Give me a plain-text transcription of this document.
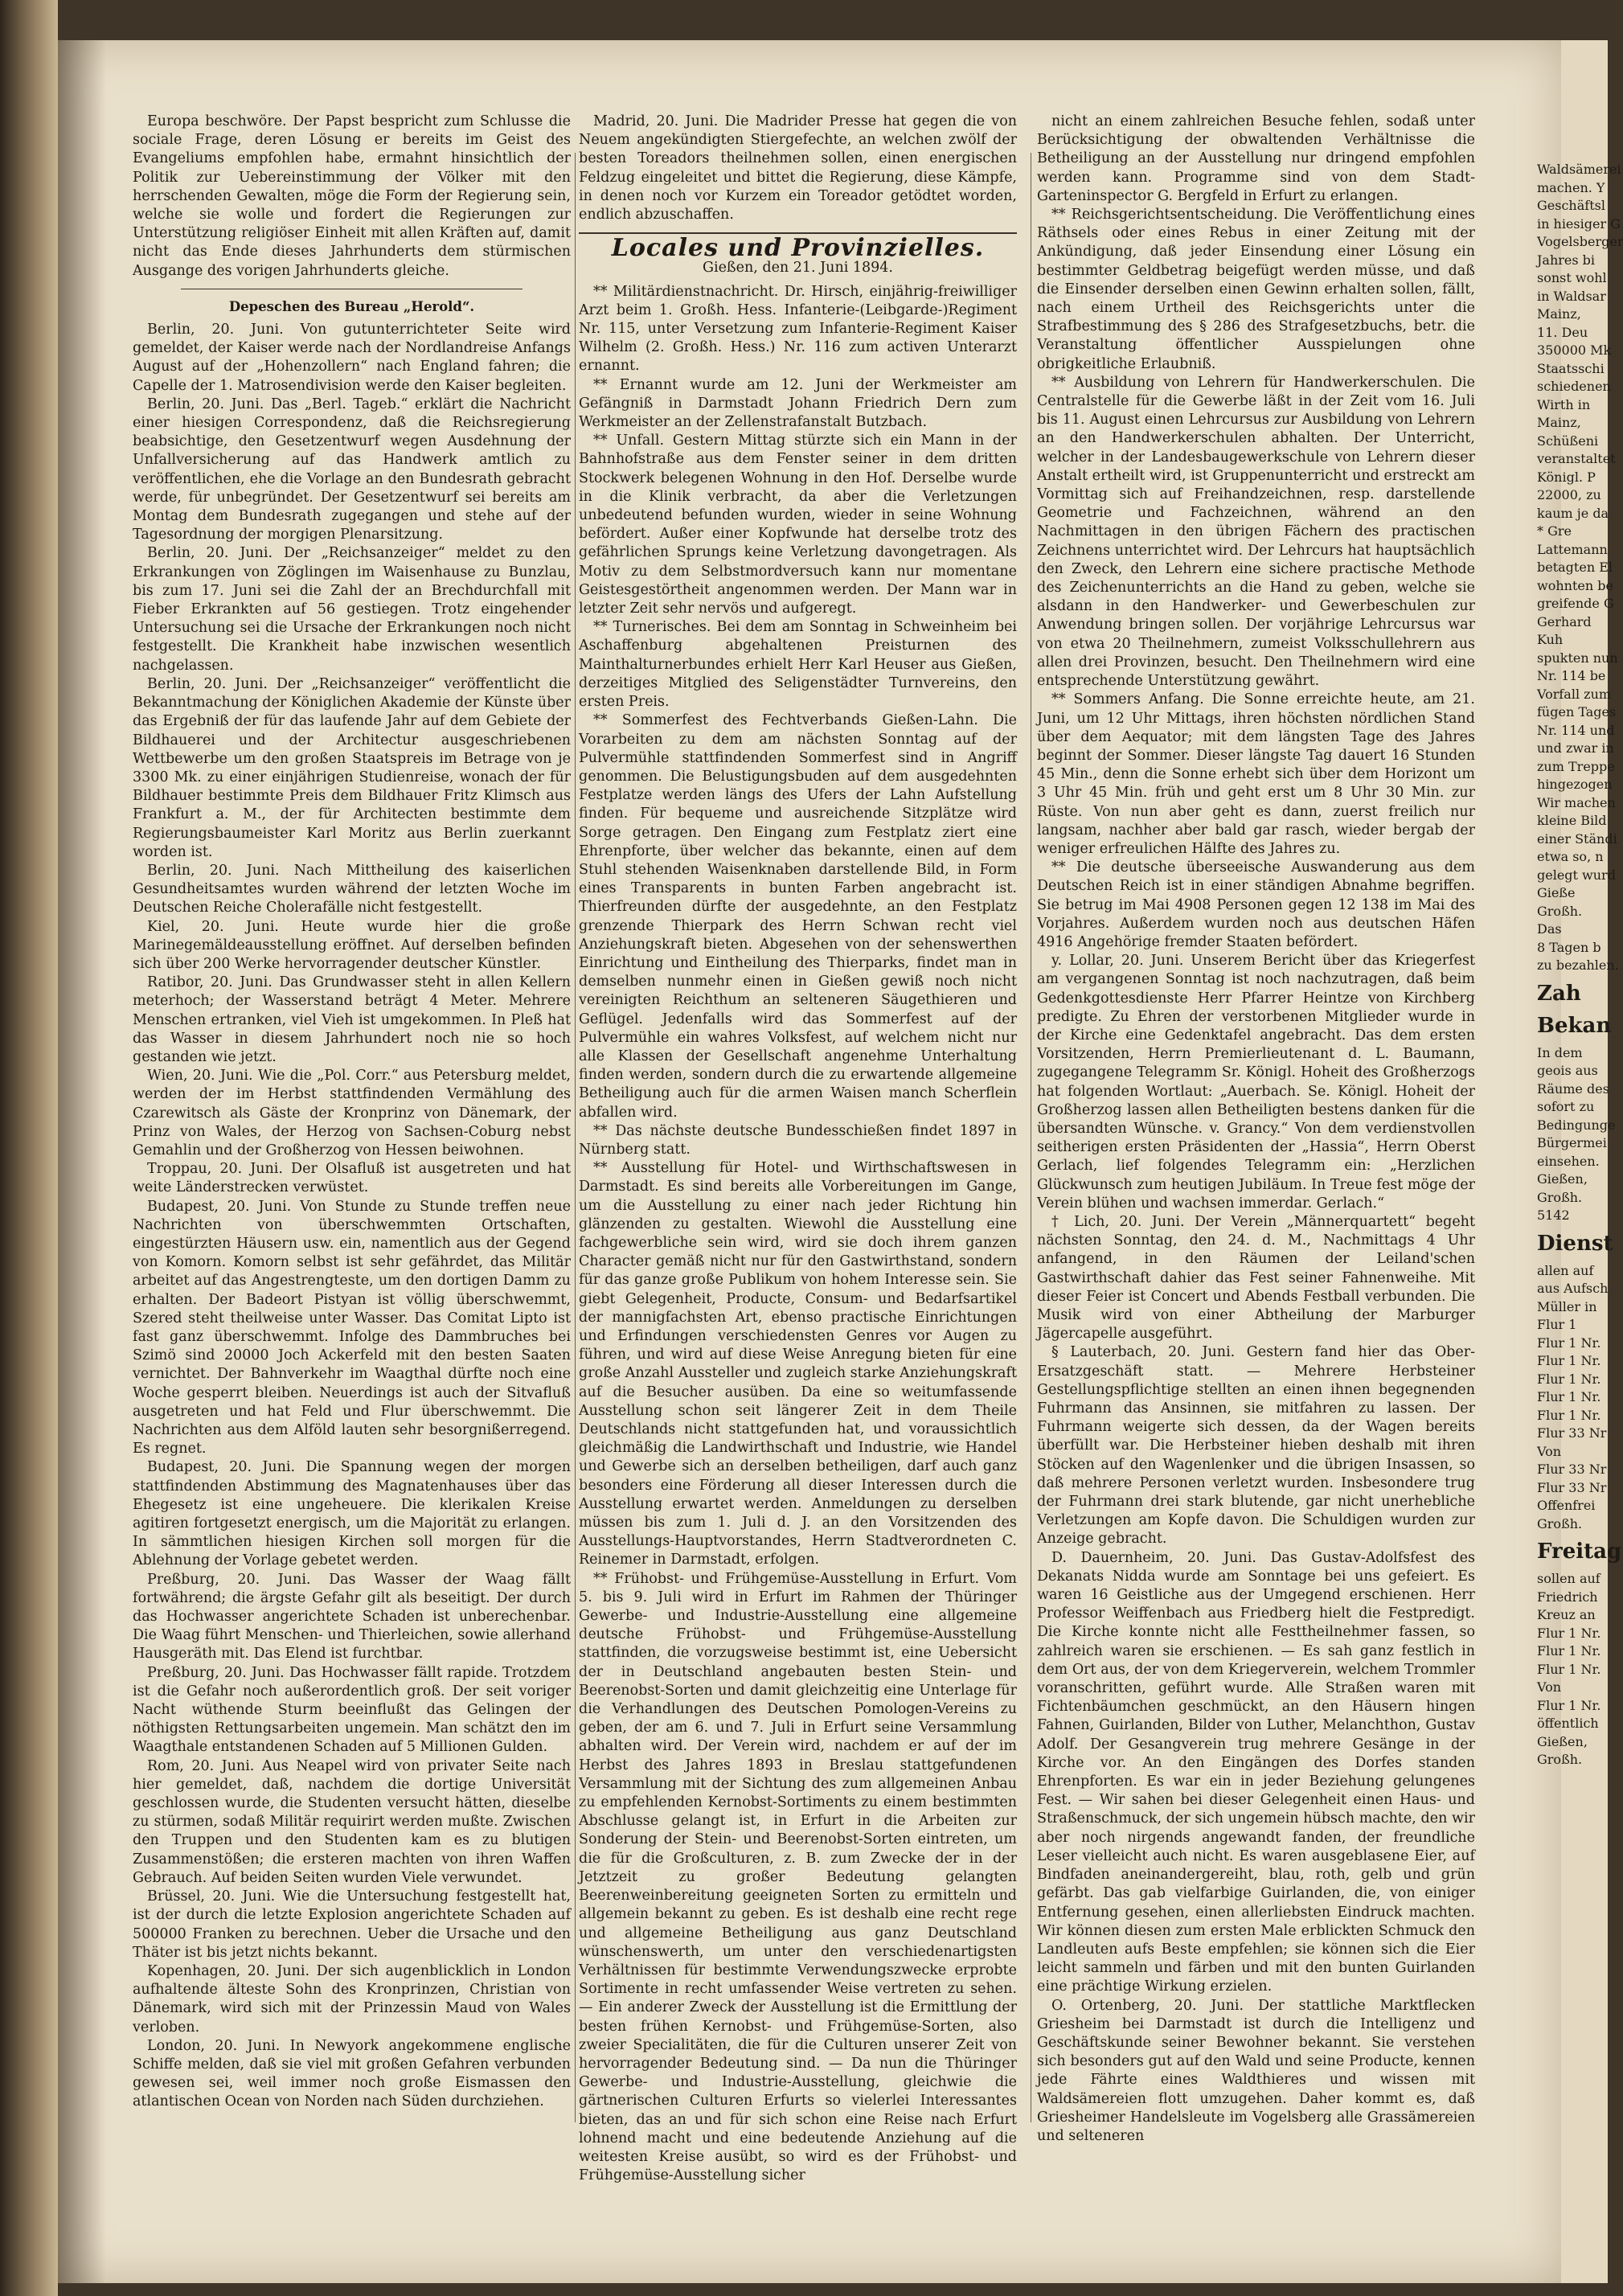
Europa beschwöre. Der Papst bespricht zum Schlusse die sociale Frage, deren Lösung er bereits im Geist des Evangeliums empfohlen habe, ermahnt hinsichtlich der Politik zur Uebereinstimmung der Völker mit den herrschenden Gewalten, möge die Form der Regierung sein, welche sie wolle und fordert die Regierungen zur Unterstützung religiöser Einheit mit allen Kräften auf, damit nicht das Ende dieses Jahrhunderts dem stürmischen Ausgange des vorigen Jahrhunderts gleiche.

Depeschen des Bureau „Herold“.

Berlin, 20. Juni. Von gutunterrichteter Seite wird gemeldet, der Kaiser werde nach der Nordlandreise Anfangs August auf der „Hohenzollern“ nach England fahren; die Capelle der 1. Matrosendivision werde den Kaiser begleiten.

Berlin, 20. Juni. Das „Berl. Tageb.“ erklärt die Nachricht einer hiesigen Correspondenz, daß die Reichsregierung beabsichtige, den Gesetzentwurf wegen Ausdehnung der Unfallversicherung auf das Handwerk amtlich zu veröffentlichen, ehe die Vorlage an den Bundesrath gebracht werde, für unbegründet. Der Gesetzentwurf sei bereits am Montag dem Bundesrath zugegangen und stehe auf der Tagesordnung der morgigen Plenarsitzung.

Berlin, 20. Juni. Der „Reichsanzeiger“ meldet zu den Erkrankungen von Zöglingen im Waisenhause zu Bunzlau, bis zum 17. Juni sei die Zahl der an Brechdurchfall mit Fieber Erkrankten auf 56 gestiegen. Trotz eingehender Untersuchung sei die Ursache der Erkrankungen noch nicht festgestellt. Die Krankheit habe inzwischen wesentlich nachgelassen.

Berlin, 20. Juni. Der „Reichsanzeiger“ veröffentlicht die Bekanntmachung der Königlichen Akademie der Künste über das Ergebniß der für das laufende Jahr auf dem Gebiete der Bildhauerei und der Architectur ausgeschriebenen Wettbewerbe um den großen Staatspreis im Betrage von je 3300 Mk. zu einer einjährigen Studienreise, wonach der für Bildhauer bestimmte Preis dem Bildhauer Fritz Klimsch aus Frankfurt a. M., der für Architecten bestimmte dem Regierungsbaumeister Karl Moritz aus Berlin zuerkannt worden ist.

Berlin, 20. Juni. Nach Mittheilung des kaiserlichen Gesundheitsamtes wurden während der letzten Woche im Deutschen Reiche Cholerafälle nicht festgestellt.

Kiel, 20. Juni. Heute wurde hier die große Marinegemäldeausstellung eröffnet. Auf derselben befinden sich über 200 Werke hervorragender deutscher Künstler.

Ratibor, 20. Juni. Das Grundwasser steht in allen Kellern meterhoch; der Wasserstand beträgt 4 Meter. Mehrere Menschen ertranken, viel Vieh ist umgekommen. In Pleß hat das Wasser in diesem Jahrhundert noch nie so hoch gestanden wie jetzt.

Wien, 20. Juni. Wie die „Pol. Corr.“ aus Petersburg meldet, werden der im Herbst stattfindenden Vermählung des Czarewitsch als Gäste der Kronprinz von Dänemark, der Prinz von Wales, der Herzog von Sachsen-Coburg nebst Gemahlin und der Großherzog von Hessen beiwohnen.

Troppau, 20. Juni. Der Olsafluß ist ausgetreten und hat weite Länderstrecken verwüstet.

Budapest, 20. Juni. Von Stunde zu Stunde treffen neue Nachrichten von überschwemmten Ortschaften, eingestürzten Häusern usw. ein, namentlich aus der Gegend von Komorn. Komorn selbst ist sehr gefährdet, das Militär arbeitet auf das Angestrengteste, um den dortigen Damm zu erhalten. Der Badeort Pistyan ist völlig überschwemmt, Szered steht theilweise unter Wasser. Das Comitat Lipto ist fast ganz überschwemmt. Infolge des Dammbruches bei Szimö sind 20000 Joch Ackerfeld mit den besten Saaten vernichtet. Der Bahnverkehr im Waagthal dürfte noch eine Woche gesperrt bleiben. Neuerdings ist auch der Sitvafluß ausgetreten und hat Feld und Flur überschwemmt. Die Nachrichten aus dem Alföld lauten sehr besorgnißerregend. Es regnet.

Budapest, 20. Juni. Die Spannung wegen der morgen stattfindenden Abstimmung des Magnatenhauses über das Ehegesetz ist eine ungeheuere. Die klerikalen Kreise agitiren fortgesetzt energisch, um die Majorität zu erlangen. In sämmtlichen hiesigen Kirchen soll morgen für die Ablehnung der Vorlage gebetet werden.

Preßburg, 20. Juni. Das Wasser der Waag fällt fortwährend; die ärgste Gefahr gilt als beseitigt. Der durch das Hochwasser angerichtete Schaden ist unberechenbar. Die Waag führt Menschen- und Thierleichen, sowie allerhand Hausgeräth mit. Das Elend ist furchtbar.

Preßburg, 20. Juni. Das Hochwasser fällt rapide. Trotzdem ist die Gefahr noch außerordentlich groß. Der seit voriger Nacht wüthende Sturm beeinflußt das Gelingen der nöthigsten Rettungsarbeiten ungemein. Man schätzt den im Waagthale entstandenen Schaden auf 5 Millionen Gulden.

Rom, 20. Juni. Aus Neapel wird von privater Seite nach hier gemeldet, daß, nachdem die dortige Universität geschlossen wurde, die Studenten versucht hätten, dieselbe zu stürmen, sodaß Militär requirirt werden mußte. Zwischen den Truppen und den Studenten kam es zu blutigen Zusammenstößen; die ersteren machten von ihren Waffen Gebrauch. Auf beiden Seiten wurden Viele verwundet.

Brüssel, 20. Juni. Wie die Untersuchung festgestellt hat, ist der durch die letzte Explosion angerichtete Schaden auf 500000 Franken zu berechnen. Ueber die Ursache und den Thäter ist bis jetzt nichts bekannt.

Kopenhagen, 20. Juni. Der sich augenblicklich in London aufhaltende älteste Sohn des Kronprinzen, Christian von Dänemark, wird sich mit der Prinzessin Maud von Wales verloben.

London, 20. Juni. In Newyork angekommene englische Schiffe melden, daß sie viel mit großen Gefahren verbunden gewesen sei, weil immer noch große Eismassen den atlantischen Ocean von Norden nach Süden durchziehen.

Madrid, 20. Juni. Die Madrider Presse hat gegen die von Neuem angekündigten Stiergefechte, an welchen zwölf der besten Toreadors theilnehmen sollen, einen energischen Feldzug eingeleitet und bittet die Regierung, diese Kämpfe, in denen noch vor Kurzem ein Toreador getödtet worden, endlich abzuschaffen.

Locales und Provinzielles.

Gießen, den 21. Juni 1894.

** Militärdienstnachricht. Dr. Hirsch, einjährig-freiwilliger Arzt beim 1. Großh. Hess. Infanterie-(Leibgarde-)Regiment Nr. 115, unter Versetzung zum Infanterie-Regiment Kaiser Wilhelm (2. Großh. Hess.) Nr. 116 zum activen Unterarzt ernannt.

** Ernannt wurde am 12. Juni der Werkmeister am Gefängniß in Darmstadt Johann Friedrich Dern zum Werkmeister an der Zellenstrafanstalt Butzbach.

** Unfall. Gestern Mittag stürzte sich ein Mann in der Bahnhofstraße aus dem Fenster seiner in dem dritten Stockwerk belegenen Wohnung in den Hof. Derselbe wurde in die Klinik verbracht, da aber die Verletzungen unbedeutend befunden wurden, wieder in seine Wohnung befördert. Außer einer Kopfwunde hat derselbe trotz des gefährlichen Sprungs keine Verletzung davongetragen. Als Motiv zu dem Selbstmordversuch kann nur momentane Geistesgestörtheit angenommen werden. Der Mann war in letzter Zeit sehr nervös und aufgeregt.

** Turnerisches. Bei dem am Sonntag in Schweinheim bei Aschaffenburg abgehaltenen Preisturnen des Mainthalturnerbundes erhielt Herr Karl Heuser aus Gießen, derzeitiges Mitglied des Seligenstädter Turnvereins, den ersten Preis.

** Sommerfest des Fechtverbands Gießen-Lahn. Die Vorarbeiten zu dem am nächsten Sonntag auf der Pulvermühle stattfindenden Sommerfest sind in Angriff genommen. Die Belustigungsbuden auf dem ausgedehnten Festplatze werden längs des Ufers der Lahn Aufstellung finden. Für bequeme und ausreichende Sitzplätze wird Sorge getragen. Den Eingang zum Festplatz ziert eine Ehrenpforte, über welcher das bekannte, einen auf dem Stuhl stehenden Waisenknaben darstellende Bild, in Form eines Transparents in bunten Farben angebracht ist. Thierfreunden dürfte der ausgedehnte, an den Festplatz grenzende Thierpark des Herrn Schwan recht viel Anziehungskraft bieten. Abgesehen von der sehenswerthen Einrichtung und Eintheilung des Thierparks, findet man in demselben nunmehr einen in Gießen gewiß noch nicht vereinigten Reichthum an selteneren Säugethieren und Geflügel. Jedenfalls wird das Sommerfest auf der Pulvermühle ein wahres Volksfest, auf welchem nicht nur alle Klassen der Gesellschaft angenehme Unterhaltung finden werden, sondern durch die zu erwartende allgemeine Betheiligung auch für die armen Waisen manch Scherflein abfallen wird.

** Das nächste deutsche Bundesschießen findet 1897 in Nürnberg statt.

** Ausstellung für Hotel- und Wirthschaftswesen in Darmstadt. Es sind bereits alle Vorbereitungen im Gange, um die Ausstellung zu einer nach jeder Richtung hin glänzenden zu gestalten. Wiewohl die Ausstellung eine fachgewerbliche sein wird, wird sie doch ihrem ganzen Character gemäß nicht nur für den Gastwirthstand, sondern für das ganze große Publikum von hohem Interesse sein. Sie giebt Gelegenheit, Producte, Consum- und Bedarfsartikel der mannigfachsten Art, ebenso practische Einrichtungen und Erfindungen verschiedensten Genres vor Augen zu führen, und wird auf diese Weise Anregung bieten für eine große Anzahl Aussteller und zugleich starke Anziehungskraft auf die Besucher ausüben. Da eine so weitumfassende Ausstellung schon seit längerer Zeit in dem Theile Deutschlands nicht stattgefunden hat, und voraussichtlich gleichmäßig die Landwirthschaft und Industrie, wie Handel und Gewerbe sich an derselben betheiligen, darf auch ganz besonders eine Förderung all dieser Interessen durch die Ausstellung erwartet werden. Anmeldungen zu derselben müssen bis zum 1. Juli d. J. an den Vorsitzenden des Ausstellungs-Hauptvorstandes, Herrn Stadtverordneten C. Reinemer in Darmstadt, erfolgen.

** Frühobst- und Frühgemüse-Ausstellung in Erfurt. Vom 5. bis 9. Juli wird in Erfurt im Rahmen der Thüringer Gewerbe- und Industrie-Ausstellung eine allgemeine deutsche Frühobst- und Frühgemüse-Ausstellung stattfinden, die vorzugsweise bestimmt ist, eine Uebersicht der in Deutschland angebauten besten Stein- und Beerenobst-Sorten und damit gleichzeitig eine Unterlage für die Verhandlungen des Deutschen Pomologen-Vereins zu geben, der am 6. und 7. Juli in Erfurt seine Versammlung abhalten wird. Der Verein wird, nachdem er auf der im Herbst des Jahres 1893 in Breslau stattgefundenen Versammlung mit der Sichtung des zum allgemeinen Anbau zu empfehlenden Kernobst-Sortiments zu einem bestimmten Abschlusse gelangt ist, in Erfurt in die Arbeiten zur Sonderung der Stein- und Beerenobst-Sorten eintreten, um die für die Großculturen, z. B. zum Zwecke der in der Jetztzeit zu großer Bedeutung gelangten Beerenweinbereitung geeigneten Sorten zu ermitteln und allgemein bekannt zu geben. Es ist deshalb eine recht rege und allgemeine Betheiligung aus ganz Deutschland wünschenswerth, um unter den verschiedenartigsten Verhältnissen für bestimmte Verwendungszwecke erprobte Sortimente in recht umfassender Weise vertreten zu sehen. — Ein anderer Zweck der Ausstellung ist die Ermittlung der besten frühen Kernobst- und Frühgemüse-Sorten, also zweier Specialitäten, die für die Culturen unserer Zeit von hervorragender Bedeutung sind. — Da nun die Thüringer Gewerbe- und Industrie-Ausstellung, gleichwie die gärtnerischen Culturen Erfurts so vielerlei Interessantes bieten, das an und für sich schon eine Reise nach Erfurt lohnend macht und eine bedeutende Anziehung auf die weitesten Kreise ausübt, so wird es der Frühobst- und Frühgemüse-Ausstellung sicher

nicht an einem zahlreichen Besuche fehlen, sodaß unter Berücksichtigung der obwaltenden Verhältnisse die Betheiligung an der Ausstellung nur dringend empfohlen werden kann. Programme sind von dem Stadt-Garteninspector G. Bergfeld in Erfurt zu erlangen.

** Reichsgerichtsentscheidung. Die Veröffentlichung eines Räthsels oder eines Rebus in einer Zeitung mit der Ankündigung, daß jeder Einsendung einer Lösung ein bestimmter Geldbetrag beigefügt werden müsse, und daß die Einsender derselben einen Gewinn erhalten sollen, fällt, nach einem Urtheil des Reichsgerichts unter die Strafbestimmung des § 286 des Strafgesetzbuchs, betr. die Veranstaltung öffentlicher Ausspielungen ohne obrigkeitliche Erlaubniß.

** Ausbildung von Lehrern für Handwerkerschulen. Die Centralstelle für die Gewerbe läßt in der Zeit vom 16. Juli bis 11. August einen Lehrcursus zur Ausbildung von Lehrern an den Handwerkerschulen abhalten. Der Unterricht, welcher in der Landesbaugewerkschule von Lehrern dieser Anstalt ertheilt wird, ist Gruppenunterricht und erstreckt am Vormittag sich auf Freihandzeichnen, resp. darstellende Geometrie und Fachzeichnen, während an den Nachmittagen in den übrigen Fächern des practischen Zeichnens unterrichtet wird. Der Lehrcurs hat hauptsächlich den Zweck, den Lehrern eine sichere practische Methode des Zeichenunterrichts an die Hand zu geben, welche sie alsdann in den Handwerker- und Gewerbeschulen zur Anwendung bringen sollen. Der vorjährige Lehrcursus war von etwa 20 Theilnehmern, zumeist Volksschullehrern aus allen drei Provinzen, besucht. Den Theilnehmern wird eine entsprechende Unterstützung gewährt.

** Sommers Anfang. Die Sonne erreichte heute, am 21. Juni, um 12 Uhr Mittags, ihren höchsten nördlichen Stand über dem Aequator; mit dem längsten Tage des Jahres beginnt der Sommer. Dieser längste Tag dauert 16 Stunden 45 Min., denn die Sonne erhebt sich über dem Horizont um 3 Uhr 45 Min. früh und geht erst um 8 Uhr 30 Min. zur Rüste. Von nun aber geht es dann, zuerst freilich nur langsam, nachher aber bald gar rasch, wieder bergab der weniger erfreulichen Hälfte des Jahres zu.

** Die deutsche überseeische Auswanderung aus dem Deutschen Reich ist in einer ständigen Abnahme begriffen. Sie betrug im Mai 4908 Personen gegen 12 138 im Mai des Vorjahres. Außerdem wurden noch aus deutschen Häfen 4916 Angehörige fremder Staaten befördert.

y. Lollar, 20. Juni. Unserem Bericht über das Kriegerfest am vergangenen Sonntag ist noch nachzutragen, daß beim Gedenkgottesdienste Herr Pfarrer Heintze von Kirchberg predigte. Zu Ehren der verstorbenen Mitglieder wurde in der Kirche eine Gedenktafel angebracht. Das dem ersten Vorsitzenden, Herrn Premierlieutenant d. L. Baumann, zugegangene Telegramm Sr. Königl. Hoheit des Großherzogs hat folgenden Wortlaut: „Auerbach. Se. Königl. Hoheit der Großherzog lassen allen Betheiligten bestens danken für die übersandten Wünsche. v. Grancy.“ Von dem verdienstvollen seitherigen ersten Präsidenten der „Hassia“, Herrn Oberst Gerlach, lief folgendes Telegramm ein: „Herzlichen Glückwunsch zum heutigen Jubiläum. In Treue fest möge der Verein blühen und wachsen immerdar. Gerlach.“

† Lich, 20. Juni. Der Verein „Männerquartett“ begeht nächsten Sonntag, den 24. d. M., Nachmittags 4 Uhr anfangend, in den Räumen der Leiland'schen Gastwirthschaft dahier das Fest seiner Fahnenweihe. Mit dieser Feier ist Concert und Abends Festball verbunden. Die Musik wird von einer Abtheilung der Marburger Jägercapelle ausgeführt.

§ Lauterbach, 20. Juni. Gestern fand hier das Ober-Ersatzgeschäft statt. — Mehrere Herbsteiner Gestellungspflichtige stellten an einen ihnen begegnenden Fuhrmann das Ansinnen, sie mitfahren zu lassen. Der Fuhrmann weigerte sich dessen, da der Wagen bereits überfüllt war. Die Herbsteiner hieben deshalb mit ihren Stöcken auf den Wagenlenker und die übrigen Insassen, so daß mehrere Personen verletzt wurden. Insbesondere trug der Fuhrmann drei stark blutende, gar nicht unerhebliche Verletzungen am Kopfe davon. Die Schuldigen wurden zur Anzeige gebracht.

D. Dauernheim, 20. Juni. Das Gustav-Adolfsfest des Dekanats Nidda wurde am Sonntage bei uns gefeiert. Es waren 16 Geistliche aus der Umgegend erschienen. Herr Professor Weiffenbach aus Friedberg hielt die Festpredigt. Die Kirche konnte nicht alle Festtheilnehmer fassen, so zahlreich waren sie erschienen. — Es sah ganz festlich in dem Ort aus, der von dem Kriegerverein, welchem Trommler voranschritten, geführt wurde. Alle Straßen waren mit Fichtenbäumchen geschmückt, an den Häusern hingen Fahnen, Guirlanden, Bilder von Luther, Melanchthon, Gustav Adolf. Der Gesangverein trug mehrere Gesänge in der Kirche vor. An den Eingängen des Dorfes standen Ehrenpforten. Es war ein in jeder Beziehung gelungenes Fest. — Wir sahen bei dieser Gelegenheit einen Haus- und Straßenschmuck, der sich ungemein hübsch machte, den wir aber noch nirgends angewandt fanden, der freundliche Leser vielleicht auch nicht. Es waren ausgeblasene Eier, auf Bindfaden aneinandergereiht, blau, roth, gelb und grün gefärbt. Das gab vielfarbige Guirlanden, die, von einiger Entfernung gesehen, einen allerliebsten Eindruck machten. Wir können diesen zum ersten Male erblickten Schmuck den Landleuten aufs Beste empfehlen; sie können sich die Eier leicht sammeln und färben und mit den bunten Guirlanden eine prächtige Wirkung erzielen.

O. Ortenberg, 20. Juni. Der stattliche Marktflecken Griesheim bei Darmstadt ist durch die Intelligenz und Geschäftskunde seiner Bewohner bekannt. Sie verstehen sich besonders gut auf den Wald und seine Producte, kennen jede Fährte eines Waldthieres und wissen mit Waldsämereien flott umzugehen. Daher kommt es, daß Griesheimer Handelsleute im Vogelsberg alle Grassämereien und selteneren

Waldsämerei
machen. Y
Geschäftsl
in hiesiger G
Vogelsberger
Jahres bi
sonst wohl
in Waldsar
Mainz,
11. Deu
350000 Mk
Staatsschi
schiedenen
Wirth in
Mainz,
Schüßeni
veranstaltet
Königl. P
22000, zu
kaum je da
* Gre
Lattemann
betagten El
wohnten be
greifende G
Gerhard
Kuh
spukten nun
Nr. 114 be
Vorfall zum
fügen Tages
Nr. 114 und
und zwar in
zum Treppe
hingezogen
Wir machen
kleine Bild
einer Ständi
etwa so, n
gelegt wurd
Gieße
Großh.
Das
8 Tagen b
zu bezahlen.
Zah
Bekan
In dem
geois aus
Räume des
sofort zu
Bedingunge
Bürgermei
einsehen.
Gießen,
Großh.
5142
Dienst
allen auf
aus Aufsch
Müller in
Flur 1
Flur 1 Nr.
Flur 1 Nr.
Flur 1 Nr.
Flur 1 Nr.
Flur 1 Nr.
Flur 33 Nr
Von
Flur 33 Nr
Flur 33 Nr
Offenfrei
Großh.
Freitag
sollen auf
Friedrich
Kreuz an
Flur 1 Nr.
Flur 1 Nr.
Flur 1 Nr.
Von
Flur 1 Nr.
öffentlich
Gießen,
Großh.
